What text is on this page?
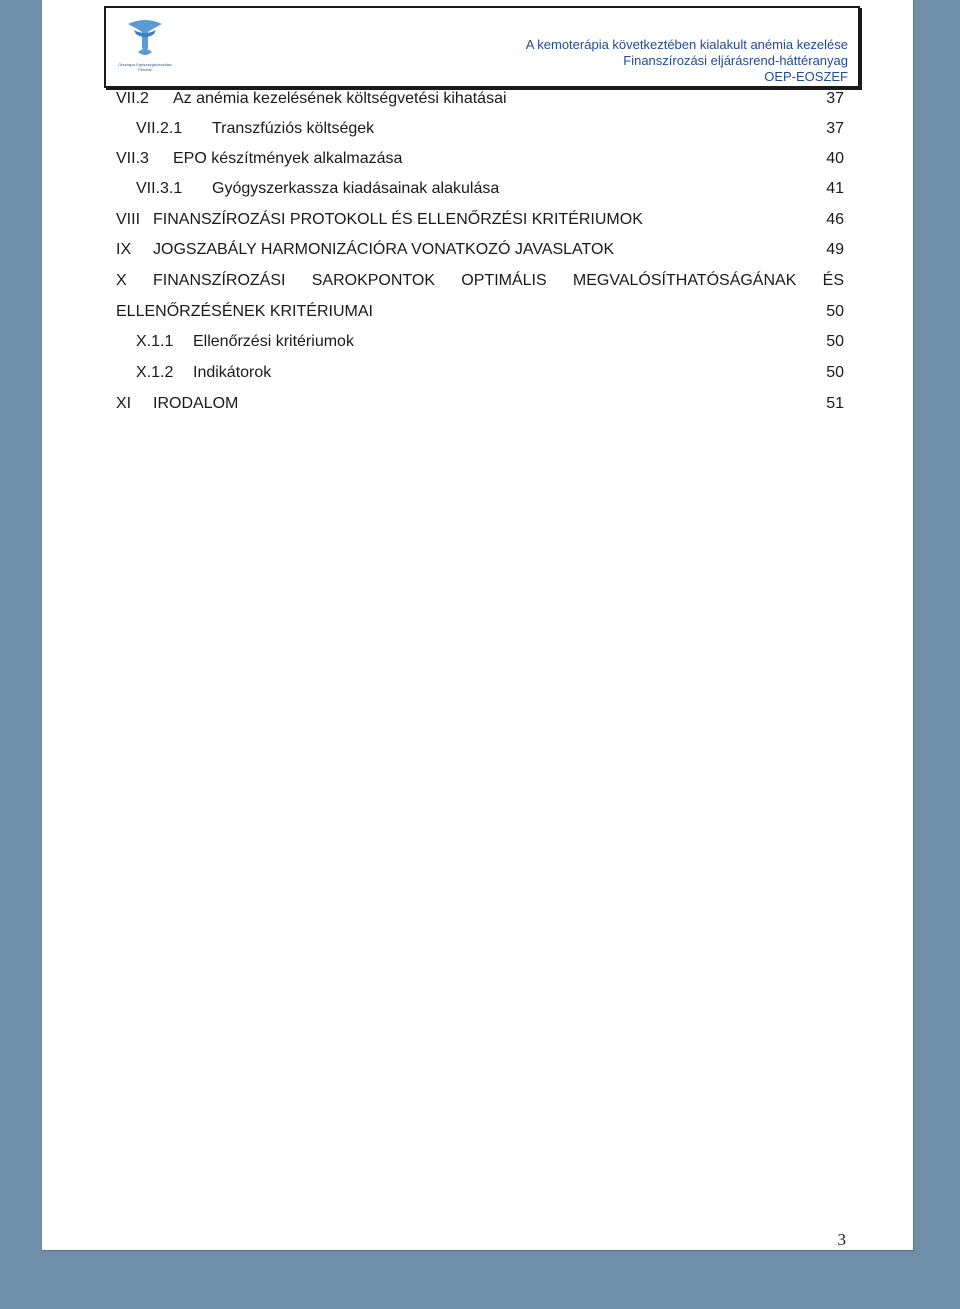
Országos Egészségbiztosítási Pénztár
A kemoterápia következtében kialakult anémia kezelése
Finanszírozási eljárásrend-háttéranyag
OEP-EOSZEF
VII.2 Az anémia kezelésének költségvetési kihatásai	37
VII.2.1 Transzfúziós költségek	37
VII.3 EPO készítmények alkalmazása	40
VII.3.1 Gyógyszerkassza kiadásainak alakulása	41
VIII FINANSZÍROZÁSI PROTOKOLL ÉS ELLENŐRZÉSI KRITÉRIUMOK	46
IX JOGSZABÁLY HARMONIZÁCIÓRA VONATKOZÓ JAVASLATOK	49
X FINANSZÍROZÁSI SAROKPONTOK OPTIMÁLIS MEGVALÓSÍTHATÓSÁGÁNAK ÉS
ELLENŐRZÉSÉNEK KRITÉRIUMAI	50
X.1.1 Ellenőrzési kritériumok	50
X.1.2 Indikátorok	50
XI IRODALOM	51
3
